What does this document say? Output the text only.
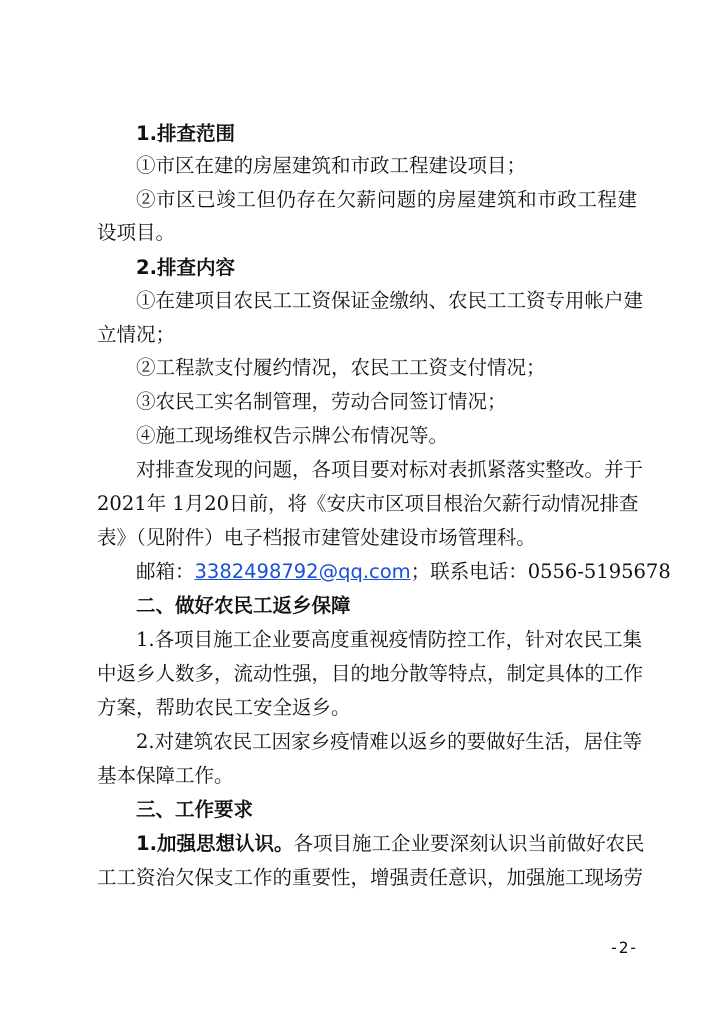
1.排查范围
①市区在建的房屋建筑和市政工程建设项目；
②市区已竣工但仍存在欠薪问题的房屋建筑和市政工程建
设项目。
2.排查内容
①在建项目农民工工资保证金缴纳、农民工工资专用帐户建
立情况；
②工程款支付履约情况，农民工工资支付情况；
③农民工实名制管理，劳动合同签订情况；
④施工现场维权告示牌公布情况等。
对排查发现的问题，各项目要对标对表抓紧落实整改。并于
2021年 1月20日前，将《安庆市区项目根治欠薪行动情况排查
表》（见附件）电子档报市建管处建设市场管理科。
邮箱：3382498792@qq.com；联系电话：0556-5195678
二、做好农民工返乡保障
1.各项目施工企业要高度重视疫情防控工作，针对农民工集
中返乡人数多，流动性强，目的地分散等特点，制定具体的工作
方案，帮助农民工安全返乡。
2.对建筑农民工因家乡疫情难以返乡的要做好生活，居住等
基本保障工作。
三、工作要求
1.加强思想认识。各项目施工企业要深刻认识当前做好农民
工工资治欠保支工作的重要性，增强责任意识，加强施工现场劳
-2-
